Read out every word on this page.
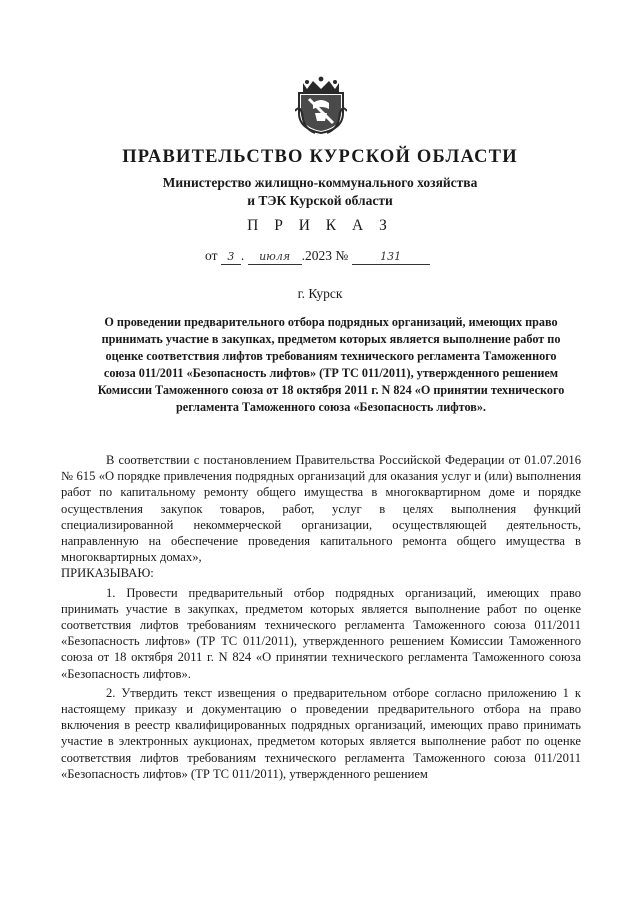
ПРАВИТЕЛЬСТВО КУРСКОЙ ОБЛАСТИ
Министерство жилищно-коммунального хозяйства
и ТЭК Курской области
П Р И К А З
от 3 . июля .2023 №	131
г. Курск
О проведении предварительного отбора подрядных организаций, имеющих право принимать участие в закупках, предметом которых является выполнение работ по оценке соответствия лифтов требованиям технического регламента Таможенного союза 011/2011 «Безопасность лифтов» (ТР ТС 011/2011), утвержденного решением Комиссии Таможенного союза от 18 октября 2011 г. N 824 «О принятии технического регламента Таможенного союза «Безопасность лифтов».

В соответствии с постановлением Правительства Российской Федерации от 01.07.2016 № 615 «О порядке привлечения подрядных организаций для оказания услуг и (или) выполнения работ по капитальному ремонту общего имущества в многоквартирном доме и порядке осуществления закупок товаров, работ, услуг в целях выполнения функций специализированной некоммерческой организации, осуществляющей деятельность, направленную на обеспечение проведения капитального ремонта общего имущества в многоквартирных домах»,

ПРИКАЗЫВАЮ:

1. Провести предварительный отбор подрядных организаций, имеющих право принимать участие в закупках, предметом которых является выполнение работ по оценке соответствия лифтов требованиям технического регламента Таможенного союза 011/2011 «Безопасность лифтов» (ТР ТС 011/2011), утвержденного решением Комиссии Таможенного союза от 18 октября 2011 г. N 824 «О принятии технического регламента Таможенного союза «Безопасность лифтов».

2. Утвердить текст извещения о предварительном отборе согласно приложению 1 к настоящему приказу и документацию о проведении предварительного отбора на право включения в реестр квалифицированных подрядных организаций, имеющих право принимать участие в электронных аукционах, предметом которых является выполнение работ по оценке соответствия лифтов требованиям технического регламента Таможенного союза 011/2011 «Безопасность лифтов» (ТР ТС 011/2011), утвержденного решением
